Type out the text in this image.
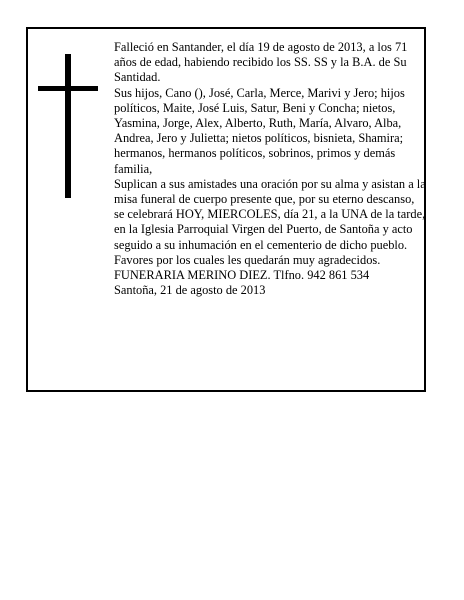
Falleció en Santander, el día 19 de agosto de 2013, a los 71 años de edad, habiendo recibido los SS. SS y la B.A. de Su Santidad.

Sus hijos, Cano (), José, Carla, Merce, Marivi y Jero; hijos políticos, Maite, José Luis, Satur, Beni y Concha; nietos, Yasmina, Jorge, Alex, Alberto, Ruth, María, Alvaro, Alba, Andrea, Jero y Julietta; nietos políticos, bisnieta, Shamira; hermanos, hermanos políticos, sobrinos, primos y demás familia,

Suplican a sus amistades una oración por su alma y asistan a la misa funeral de cuerpo presente que, por su eterno descanso, se celebrará HOY, MIERCOLES, día 21, a la UNA de la tarde, en la Iglesia Parroquial Virgen del Puerto, de Santoña y acto seguido a su inhumación en el cementerio de dicho pueblo. Favores por los cuales les quedarán muy agradecidos.

FUNERARIA MERINO DIEZ. Tlfno. 942 861 534

Santoña, 21 de agosto de 2013
